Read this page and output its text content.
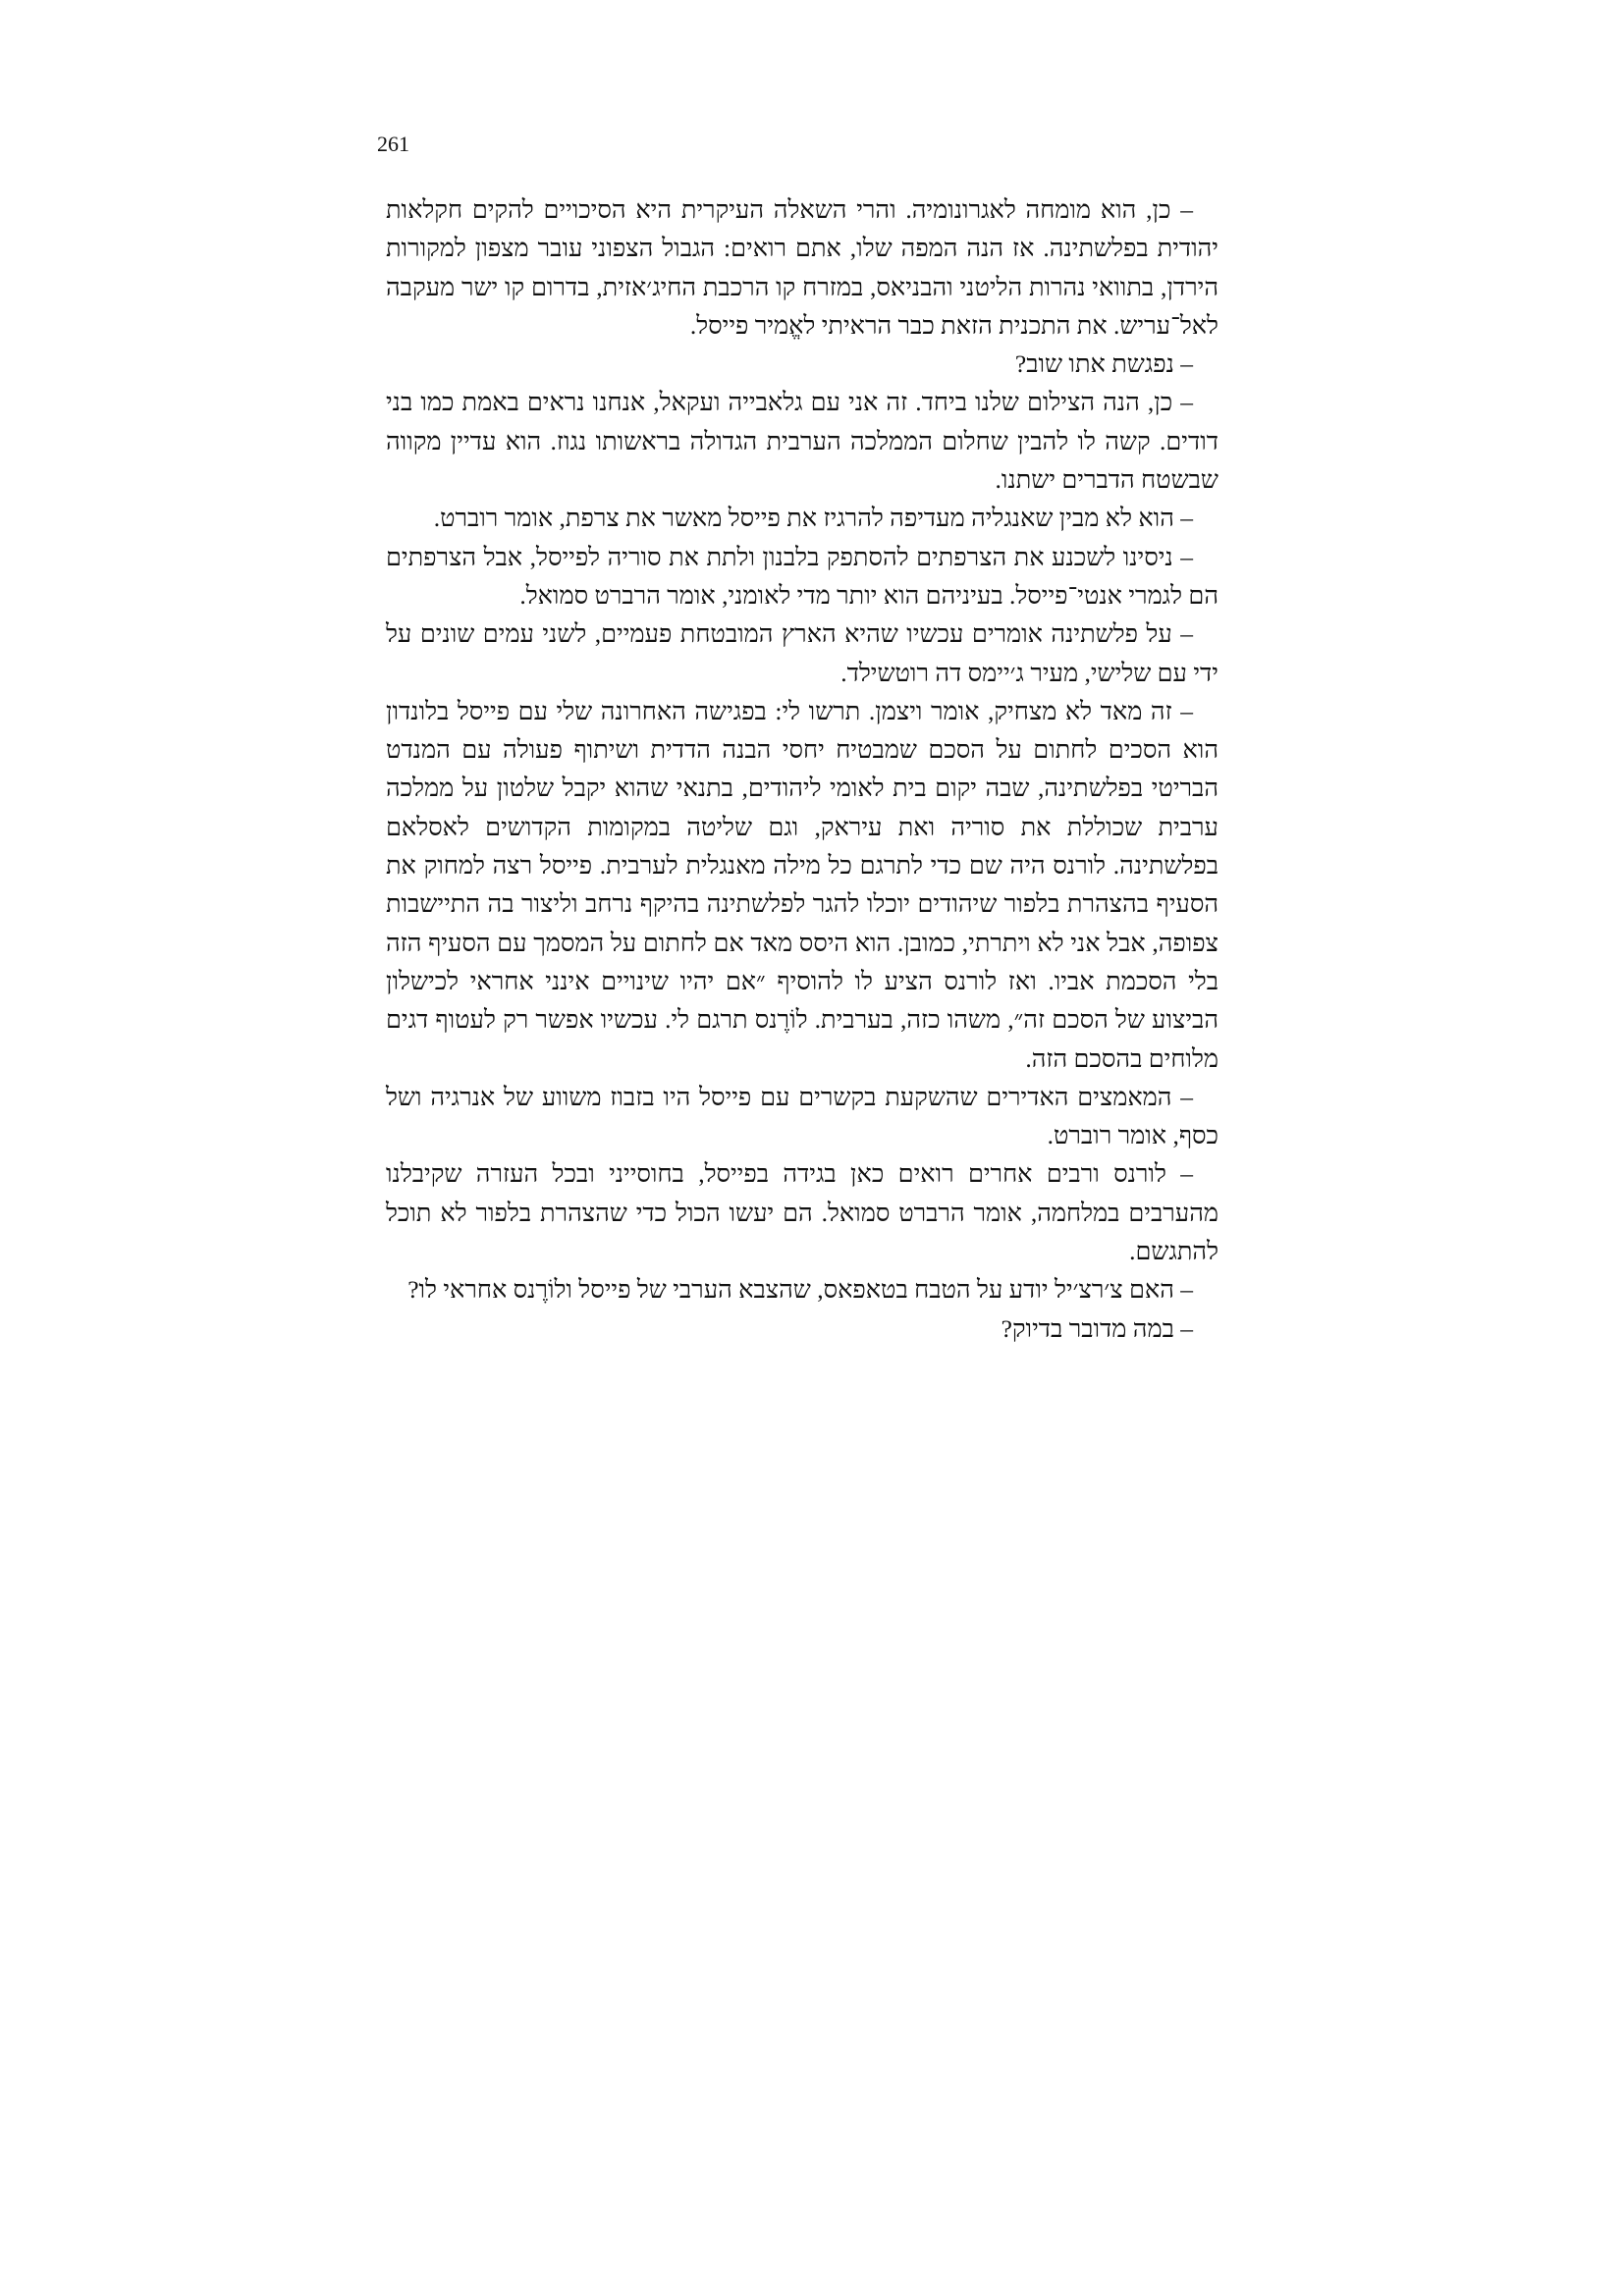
261

– כן, הוא מומחה לאגרונומיה. והרי השאלה העיקרית היא הסיכויים להקים חקלאות יהודית בפלשתינה. אז הנה המפה שלו, אתם רואים: הגבול הצפוני עובר מצפון למקורות הירדן, בתוואי נהרות הליטני והבניאס, במזרח קו הרכבת החיג׳אזית, בדרום קו ישר מעקבה לאל־עריש. את התכנית הזאת כבר הראיתי לאֱמיר פייסל.

– נפגשת אתו שוב?

– כן, הנה הצילום שלנו ביחד. זה אני עם גלאבייה ועקאל, אנחנו נראים באמת כמו בני דודים. קשה לו להבין שחלום הממלכה הערבית הגדולה בראשותו נגוז. הוא עדיין מקווה שבשטח הדברים ישתנו.

– הוא לא מבין שאנגליה מעדיפה להרגיז את פייסל מאשר את צרפת, אומר רוברט.

– ניסינו לשכנע את הצרפתים להסתפק בלבנון ולתת את סוריה לפייסל, אבל הצרפתים הם לגמרי אנטי־פייסל. בעיניהם הוא יותר מדי לאומני, אומר הרברט סמואל.

– על פלשתינה אומרים עכשיו שהיא הארץ המובטחת פעמיים, לשני עמים שונים על ידי עם שלישי, מעיר ג׳יימס דה רוטשילד.

– זה מאד לא מצחיק, אומר ויצמן. תרשו לי: בפגישה האחרונה שלי עם פייסל בלונדון הוא הסכים לחתום על הסכם שמבטיח יחסי הבנה הדדית ושיתוף פעולה עם המנדט הבריטי בפלשתינה, שבה יקום בית לאומי ליהודים, בתנאי שהוא יקבל שלטון על ממלכה ערבית שכוללת את סוריה ואת עיראק, וגם שליטה במקומות הקדושים לאסלאם בפלשתינה. לורנס היה שם כדי לתרגם כל מילה מאנגלית לערבית. פייסל רצה למחוק את הסעיף בהצהרת בלפור שיהודים יוכלו להגר לפלשתינה בהיקף נרחב וליצור בה התיישבות צפופה, אבל אני לא ויתרתי, כמובן. הוא היסס מאד אם לחתום על המסמך עם הסעיף הזה בלי הסכמת אביו. ואז לורנס הציע לו להוסיף ״אם יהיו שינויים אינני אחראי לכישלון הביצוע של הסכם זה״, משהו כזה, בערבית. לוֹרֶנס תרגם לי. עכשיו אפשר רק לעטוף דגים מלוחים בהסכם הזה.

– המאמצים האדירים שהשקעת בקשרים עם פייסל היו בזבוז משווע של אנרגיה ושל כסף, אומר רוברט.

– לורנס ורבים אחרים רואים כאן בגידה בפייסל, בחוסייני ובכל העזרה שקיבלנו מהערבים במלחמה, אומר הרברט סמואל. הם יעשו הכול כדי שהצהרת בלפור לא תוכל להתגשם.

– האם צ׳רצ׳יל יודע על הטבח בטאפאס, שהצבא הערבי של פייסל ולוֹרֶנס אחראי לו?

– במה מדובר בדיוק?
